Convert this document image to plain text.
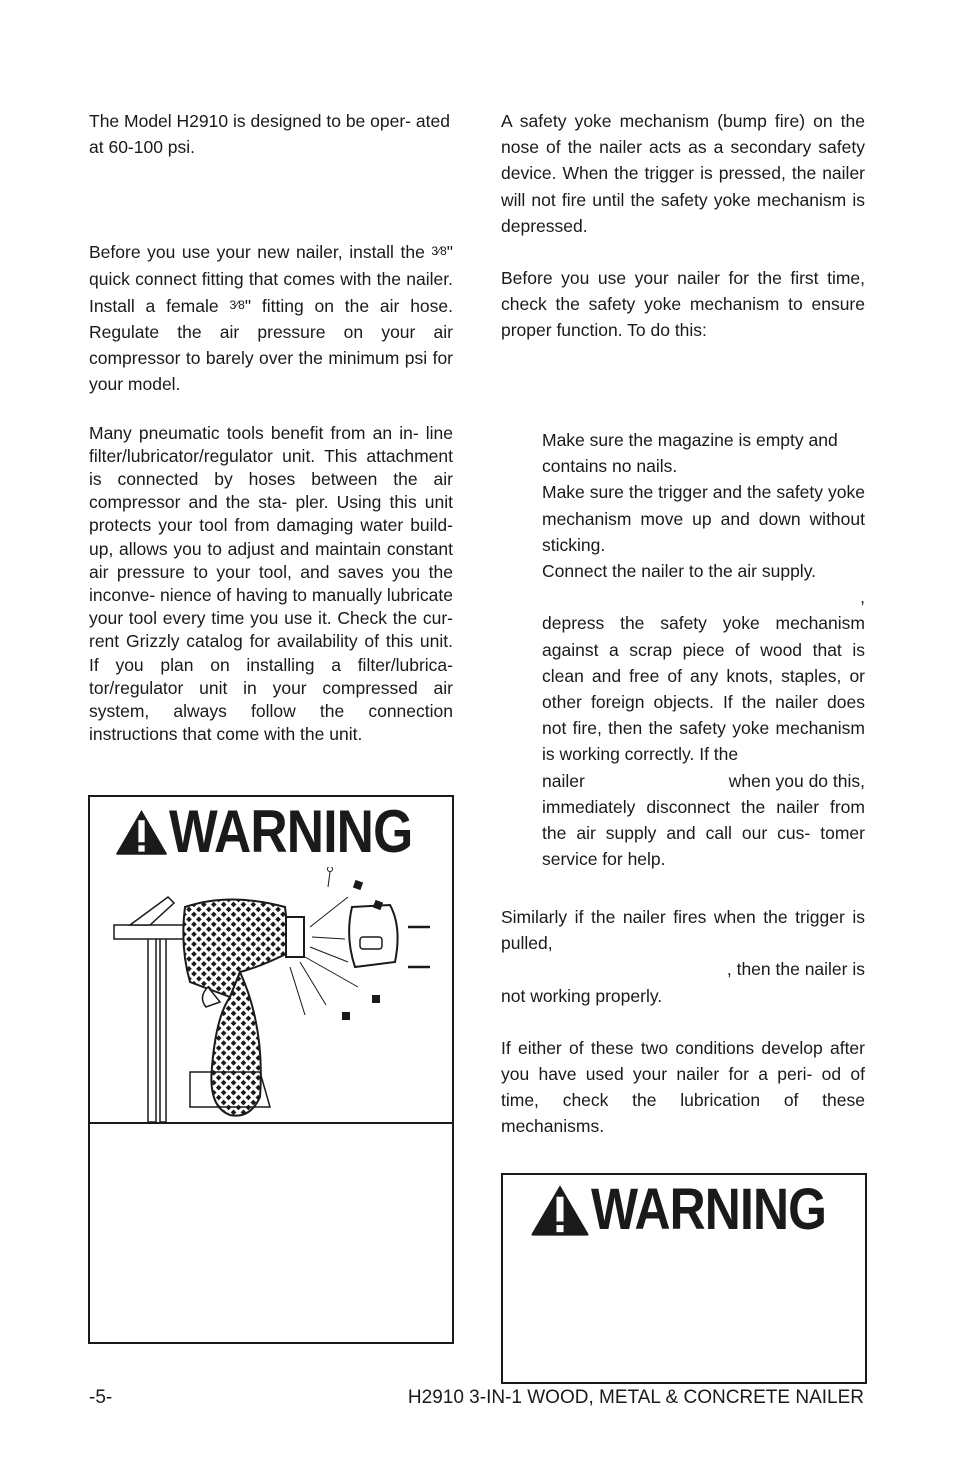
The Model H2910 is designed to be oper- ated at 60-100 psi.

Before you use your new nailer, install the 3⁄8" quick connect fitting that comes with the nailer. Install a female 3⁄8" fitting on the air hose. Regulate the air pressure on your air compressor to barely over the minimum psi for your model.

Many pneumatic tools benefit from an in- line filter/lubricator/regulator unit. This attachment is connected by hoses between the air compressor and the sta- pler. Using this unit protects your tool from damaging water build-up, allows you to adjust and maintain constant air pressure to your tool, and saves you the inconve- nience of having to manually lubricate your tool every time you use it. Check the cur- rent Grizzly catalog for availability of this unit. If you plan on installing a filter/lubrica- tor/regulator unit in your compressed air system, always follow the connection instructions that come with the unit.

WARNING

A safety yoke mechanism (bump fire) on the nose of the nailer acts as a secondary safety device. When the trigger is pressed, the nailer will not fire until the safety yoke mechanism is depressed.

Before you use your nailer for the first time, check the safety yoke mechanism to ensure proper function. To do this:

Make sure the magazine is empty and contains no nails.

Make sure the trigger and the safety yoke mechanism move up and down without sticking.

Connect the nailer to the air supply.

,

depress the safety yoke mechanism against a scrap piece of wood that is clean and free of any knots, staples, or other foreign objects. If the nailer does not fire, then the safety yoke mechanism is working correctly. If the

nailer	when you do this,

immediately disconnect the nailer from the air supply and call our cus- tomer service for help.

Similarly if the nailer fires when the trigger is pulled,

, then the nailer is

not working properly.

If either of these two conditions develop after you have used your nailer for a peri- od of time, check the lubrication of these mechanisms.

WARNING
-5-	H2910 3-IN-1 WOOD, METAL & CONCRETE NAILER
